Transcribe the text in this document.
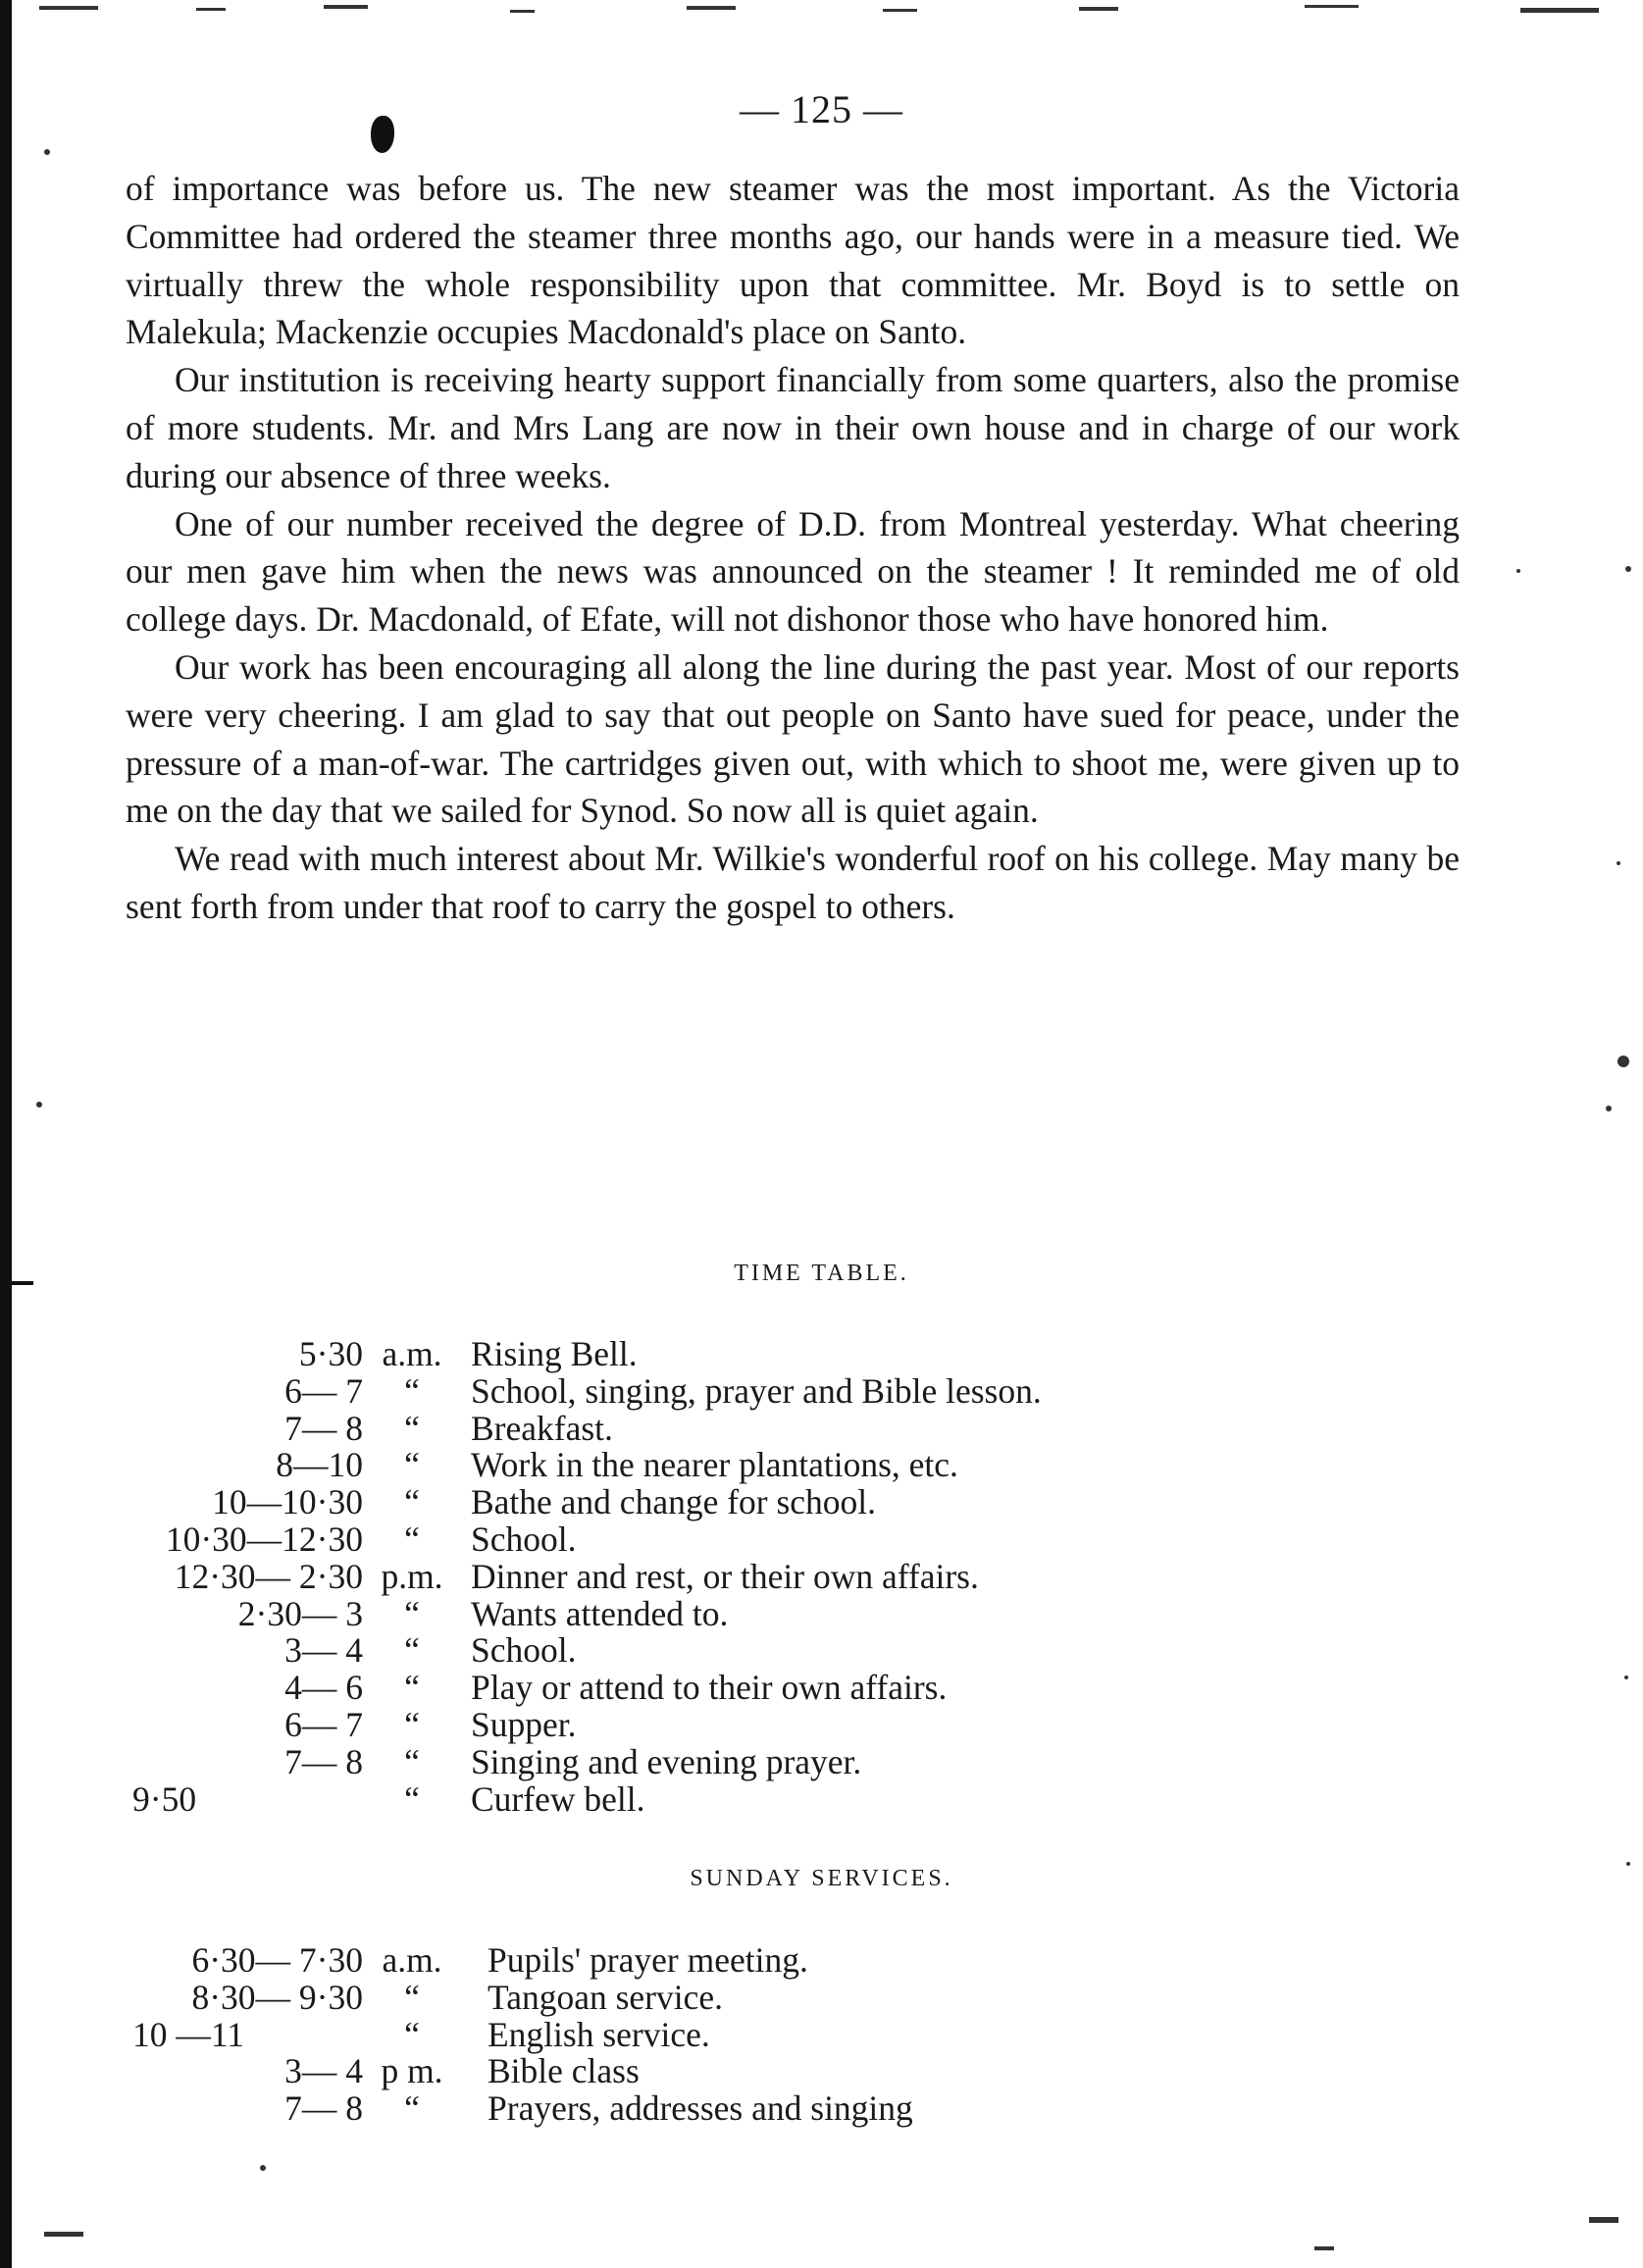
— 125 —

of importance was before us. The new steamer was the most important. As the Victoria Committee had ordered the steamer three months ago, our hands were in a measure tied. We virtually threw the whole responsibility upon that committee. Mr. Boyd is to settle on Malekula; Mackenzie occupies Macdonald's place on Santo.

Our institution is receiving hearty support financially from some quarters, also the promise of more students. Mr. and Mrs Lang are now in their own house and in charge of our work during our absence of three weeks.

One of our number received the degree of D.D. from Montreal yesterday. What cheering our men gave him when the news was announced on the steamer ! It reminded me of old college days. Dr. Macdonald, of Efate, will not dishonor those who have honored him.

Our work has been encouraging all along the line during the past year. Most of our reports were very cheering. I am glad to say that out people on Santo have sued for peace, under the pressure of a man-of-war. The cartridges given out, with which to shoot me, were given up to me on the day that we sailed for Synod. So now all is quiet again.

We read with much interest about Mr. Wilkie's wonderful roof on his college. May many be sent forth from under that roof to carry the gospel to others.

TIME TABLE.
5·30 a.m. Rising Bell.
6— 7	“	School, singing, prayer and Bible lesson.
7— 8	“	Breakfast.
8—10	“	Work in the nearer plantations, etc.
10—10·30	“	Bathe and change for school.
10·30—12·30	“	School.
12·30— 2·30 p.m. Dinner and rest, or their own affairs.
2·30— 3	“	Wants attended to.
3— 4	“	School.
4— 6	“	Play or attend to their own affairs.
6— 7	“	Supper.
7— 8	“	Singing and evening prayer.
9·50	“	Curfew bell.
SUNDAY SERVICES.
6·30— 7·30 a.m.	Pupils' prayer meeting.
8·30— 9·30	“	Tangoan service.
10 —11	“	English service.
3— 4 p m.	Bible class
7— 8	“	Prayers, addresses and singing
